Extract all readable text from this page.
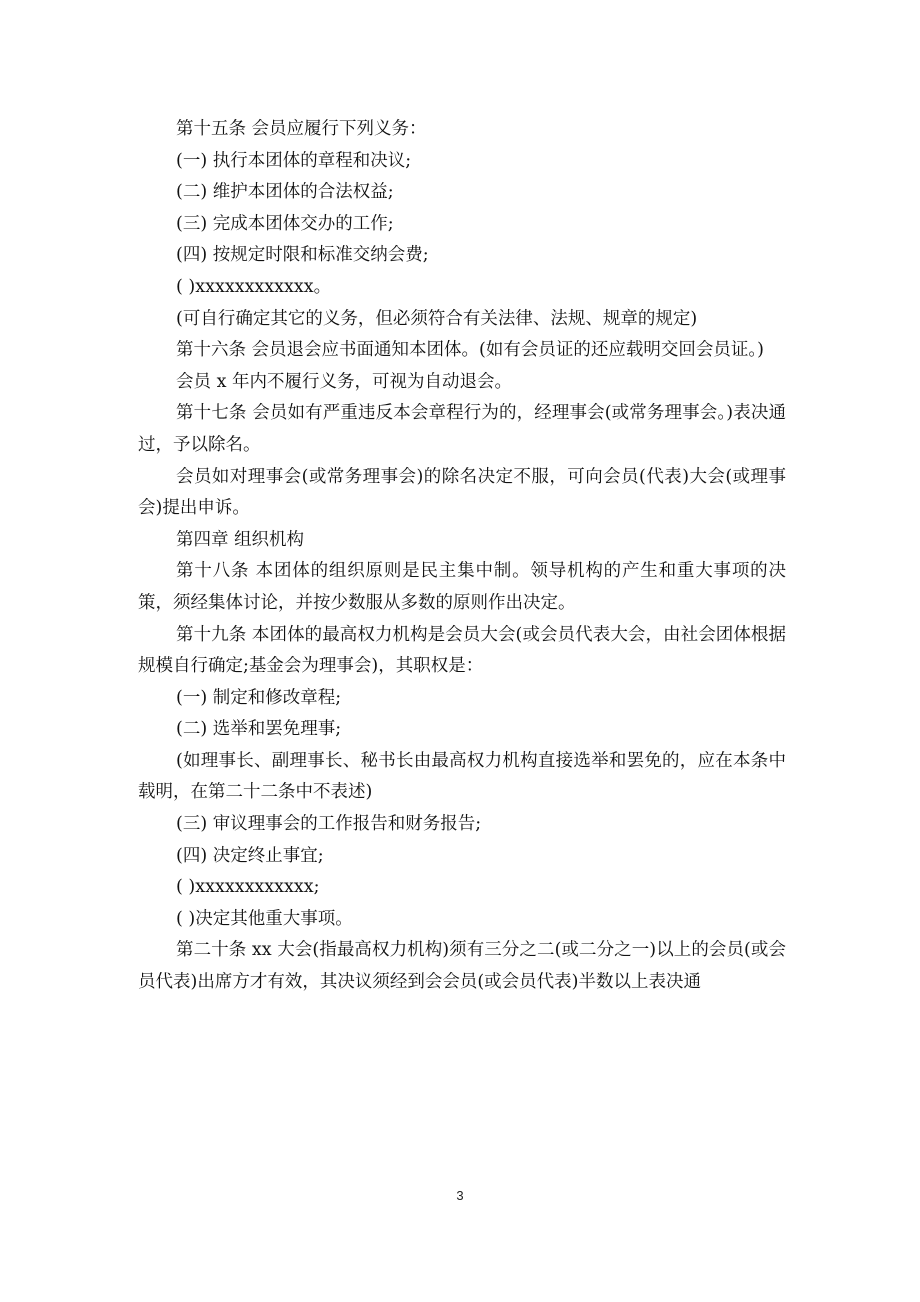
第十五条 会员应履行下列义务：

(一) 执行本团体的章程和决议;

(二) 维护本团体的合法权益;

(三) 完成本团体交办的工作;

(四) 按规定时限和标准交纳会费;

( )xxxxxxxxxxxx。

(可自行确定其它的义务，但必须符合有关法律、法规、规章的规定)

第十六条 会员退会应书面通知本团体。(如有会员证的还应载明交回会员证。)

会员 x 年内不履行义务，可视为自动退会。

第十七条 会员如有严重违反本会章程行为的，经理事会(或常务理事会。)表决通过，予以除名。

会员如对理事会(或常务理事会)的除名决定不服，可向会员(代表)大会(或理事会)提出申诉。

第四章 组织机构

第十八条 本团体的组织原则是民主集中制。领导机构的产生和重大事项的决策，须经集体讨论，并按少数服从多数的原则作出决定。

第十九条 本团体的最高权力机构是会员大会(或会员代表大会，由社会团体根据规模自行确定;基金会为理事会)，其职权是：

(一) 制定和修改章程;

(二) 选举和罢免理事;

(如理事长、副理事长、秘书长由最高权力机构直接选举和罢免的，应在本条中载明，在第二十二条中不表述)

(三) 审议理事会的工作报告和财务报告;

(四) 决定终止事宜;

( )xxxxxxxxxxxx;

( )决定其他重大事项。

第二十条 xx 大会(指最高权力机构)须有三分之二(或二分之一)以上的会员(或会员代表)出席方才有效，其决议须经到会会员(或会员代表)半数以上表决通

3
